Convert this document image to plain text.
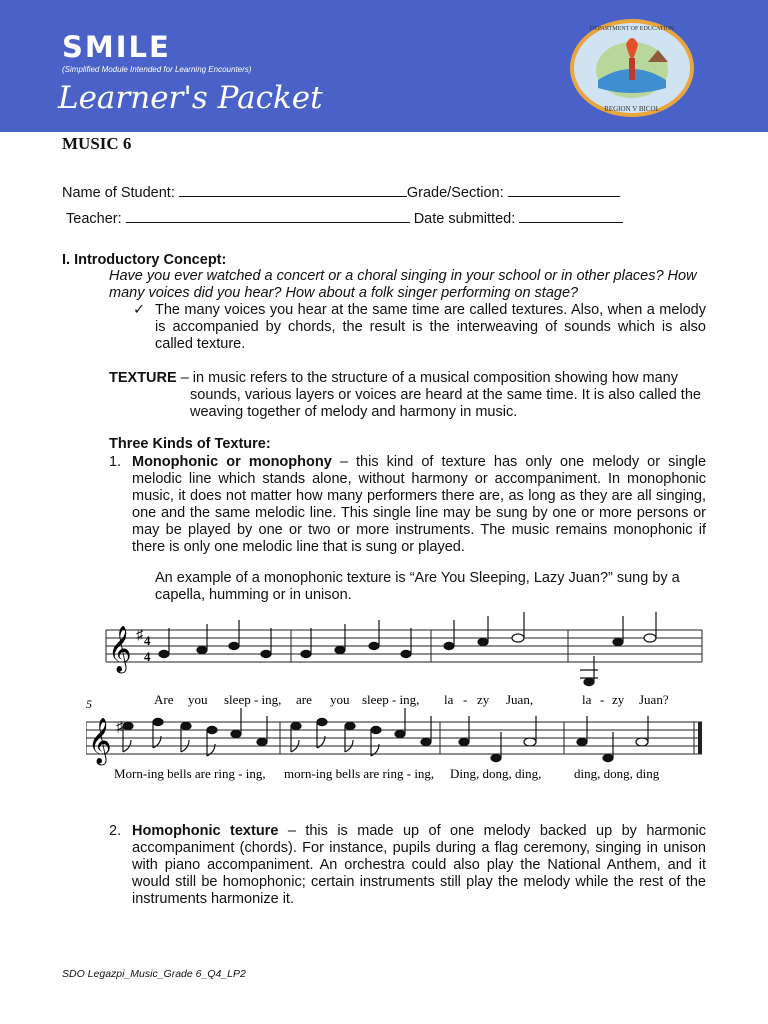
SMILE
(Simplified Module Intended for Learning Encounters)
Learner's Packet	REGION V BICOL
DEPARTMENT OF EDUCATION
MUSIC 6
Name of Student:	Grade/Section:
Teacher:	Date submitted:
I. Introductory Concept:
Have you ever watched a concert or a choral singing in your school or in other places? How many voices did you hear? How about a folk singer performing on stage?
✓ The many voices you hear at the same time are called textures. Also, when a melody is accompanied by chords, the result is the interweaving of sounds which is also called texture.
TEXTURE – in music refers to the structure of a musical composition showing how many
sounds, various layers or voices are heard at the same time. It is also called the weaving together of melody and harmony in music.
Three Kinds of Texture:
1. Monophonic or monophony – this kind of texture has only one melody or single melodic line which stands alone, without harmony or accompaniment. In monophonic music, it does not matter how many performers there are, as long as they are all singing, one and the same melodic line. This single line may be sung by one or more persons or may be played by one or two or more instruments. The music remains monophonic if there is only one melodic line that is sung or played.
An example of a monophonic texture is “Are You Sleeping, Lazy Juan?” sung by a capella, humming or in unison.
𝄞 ♯ 4
4
Are you sleep - ing, are you sleep - ing, la - zy Juan,	la - zy Juan?
5
𝄞 ♯
Morn-ing bells are ring - ing, morn-ing bells are ring - ing, Ding, dong, ding,	ding, dong, ding
2. Homophonic texture – this is made up of one melody backed up by harmonic accompaniment (chords). For instance, pupils during a flag ceremony, singing in unison with piano accompaniment. An orchestra could also play the National Anthem, and it would still be homophonic; certain instruments still play the melody while the rest of the instruments harmonize it.
SDO Legazpi_Music_Grade 6_Q4_LP2
